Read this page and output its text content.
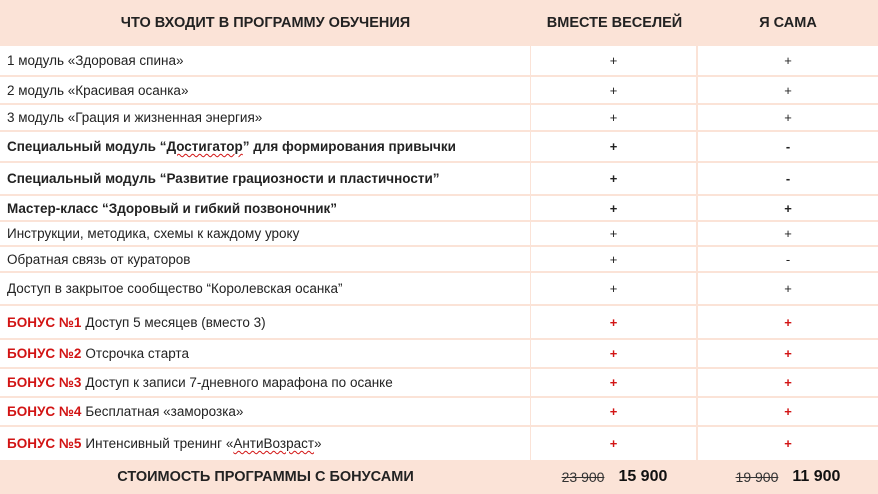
ЧТО ВХОДИТ В ПРОГРАММУ ОБУЧЕНИЯ	ВМЕСТЕ ВЕСЕЛЕЙ	Я САМА
1 модуль «Здоровая спина»	+	+
2 модуль «Красивая осанка»	+	+
3 модуль «Грация и жизненная энергия»	+	+
Специальный модуль “Достигатор” для формирования привычки	+	-
Специальный модуль “Развитие грациозности и пластичности”	+	-
Мастер-класс “Здоровый и гибкий позвоночник”	+	+
Инструкции, методика, схемы к каждому уроку	+	+
Обратная связь от кураторов	+	-
Доступ в закрытое сообщество “Королевская осанка”	+	+
БОНУС №1 Доступ 5 месяцев (вместо 3)	+	+
БОНУС №2 Отсрочка старта	+	+
БОНУС №3 Доступ к записи 7-дневного марафона по осанке	+	+
БОНУС №4 Бесплатная «заморозка»	+	+
БОНУС №5 Интенсивный тренинг «АнтиВозраст»	+	+
СТОИМОСТЬ ПРОГРАММЫ С БОНУСАМИ	23 900 15 900	19 900 11 900
